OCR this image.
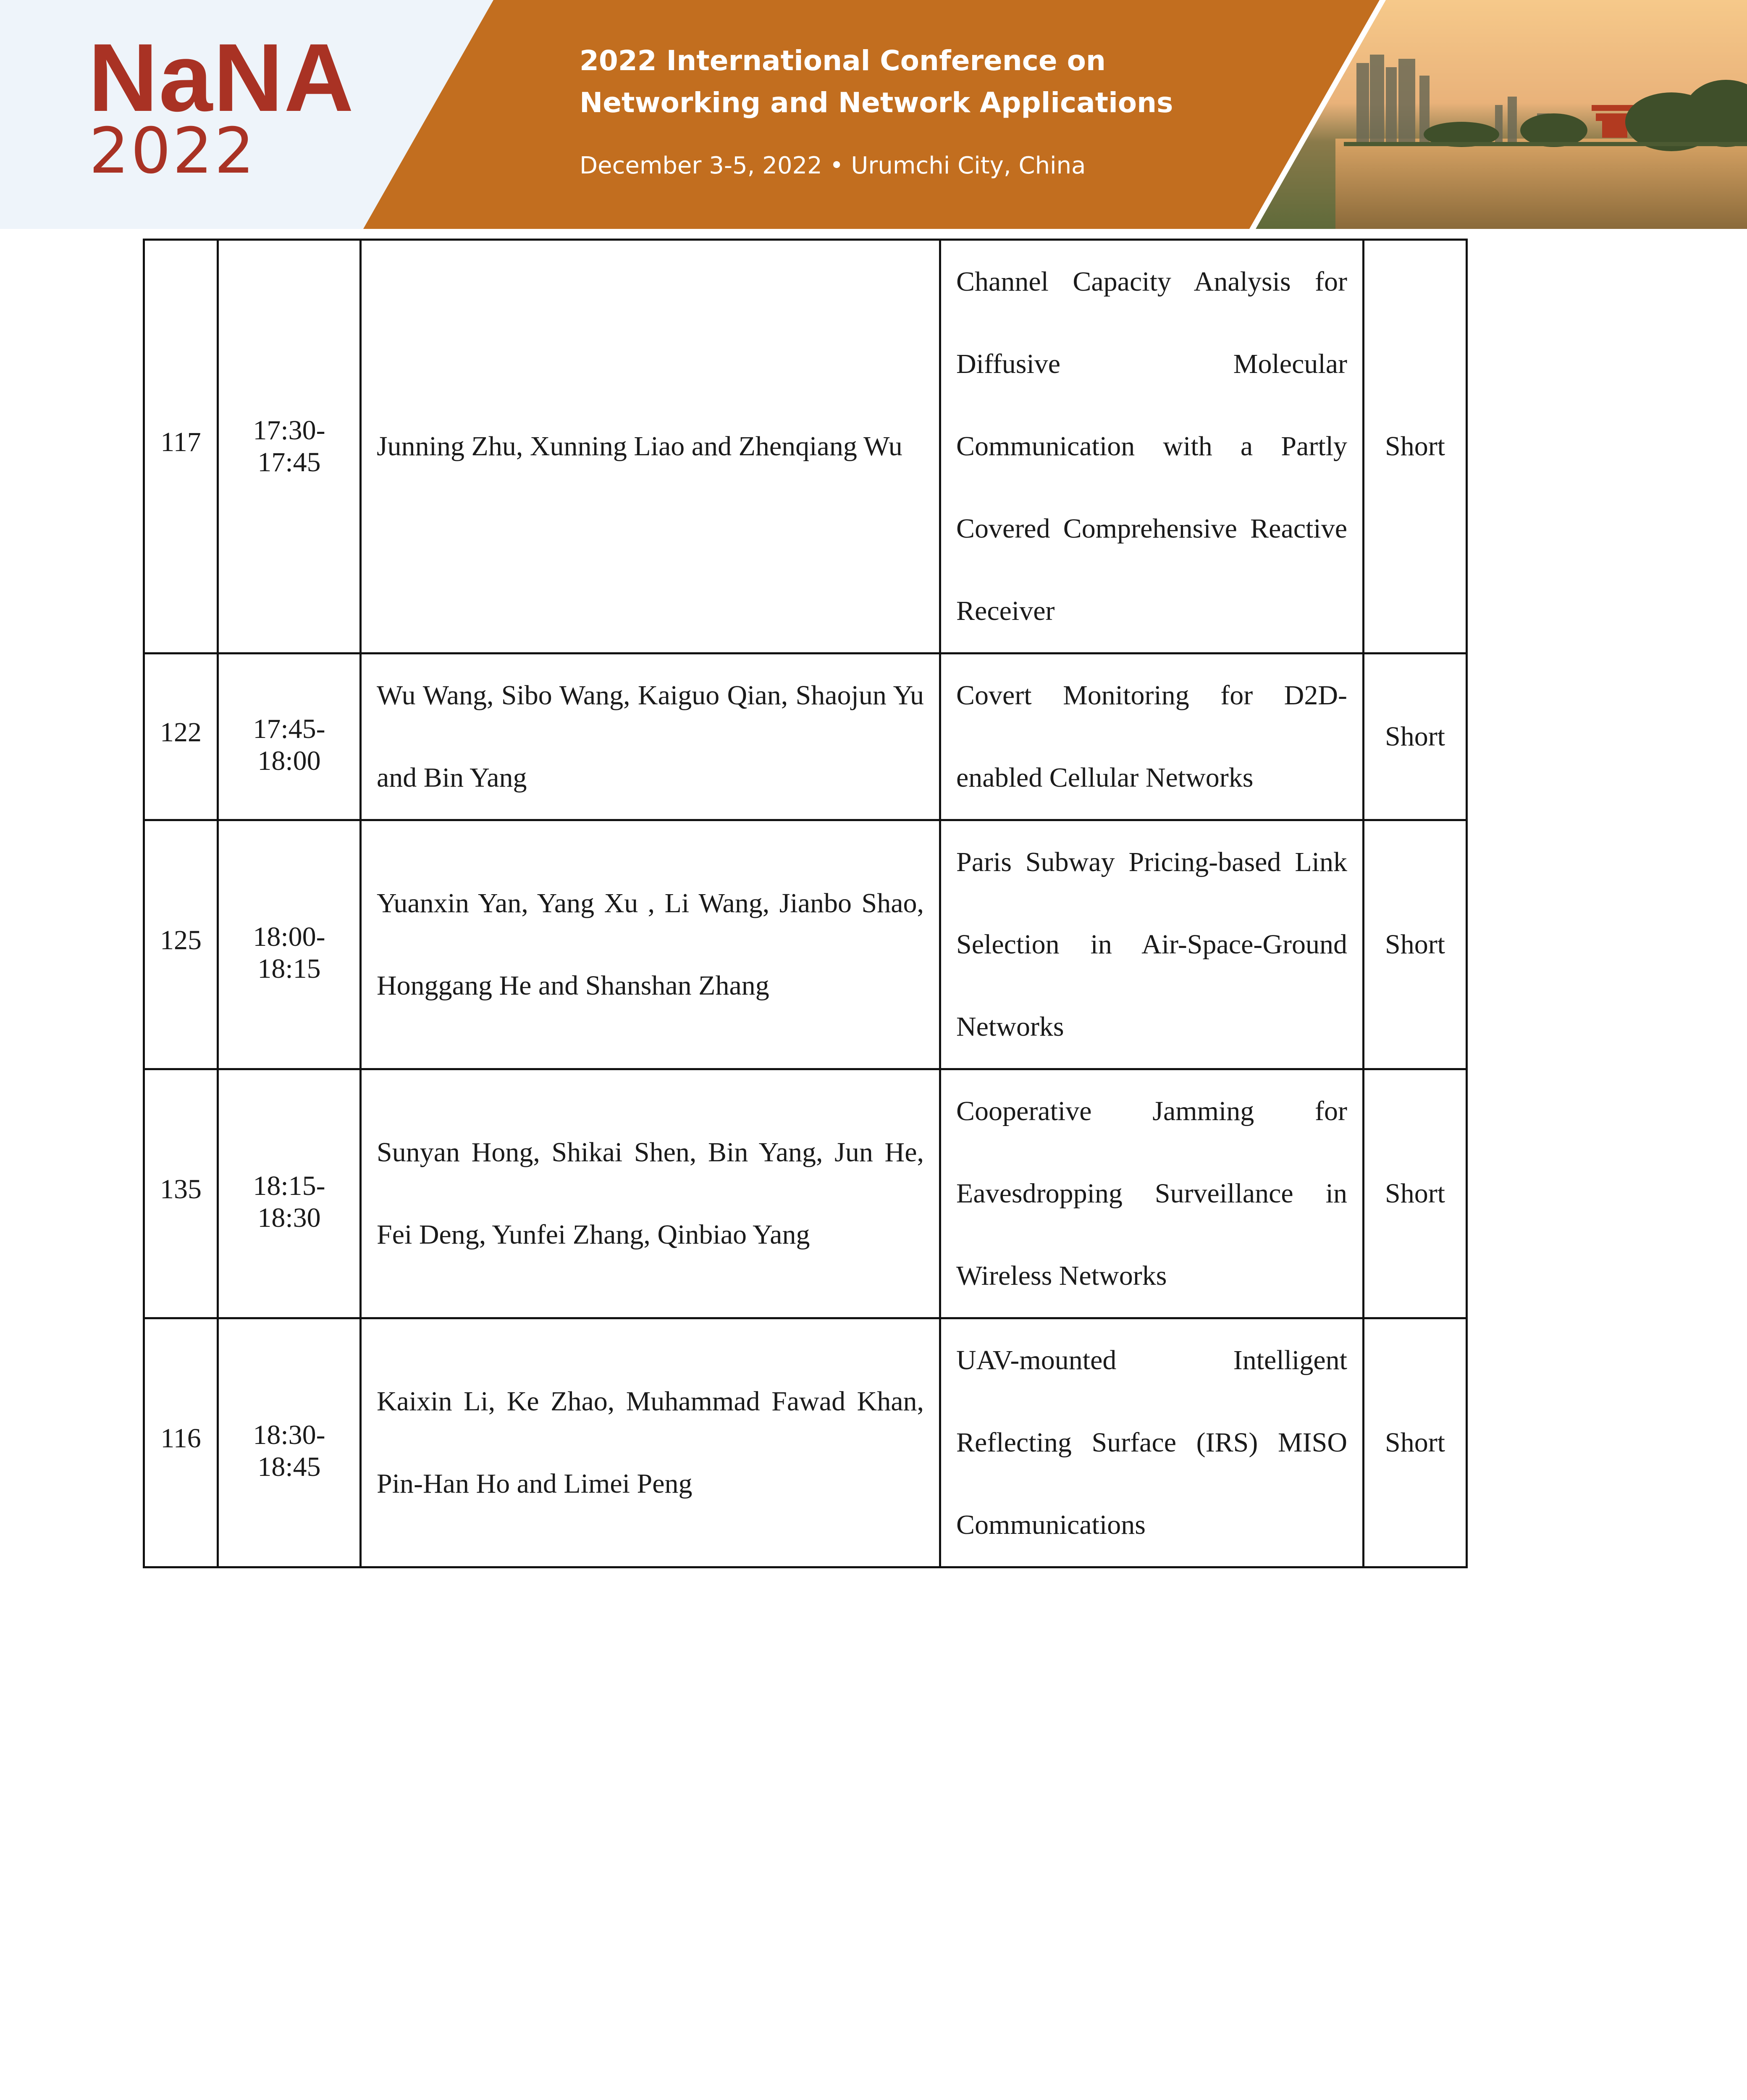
NaNA
2022
2022 International Conference on
Networking and Network Applications
December 3-5, 2022 • Urumchi City, China
117	17:30-17:45	Junning Zhu, Xunning Liao and Zhenqiang Wu	Channel Capacity Analysis for Diffusive Molecular Communication with a Partly Covered Comprehensive Reactive Receiver	Short
122	17:45-18:00	Wu Wang, Sibo Wang, Kaiguo Qian, Shaojun Yu and Bin Yang	Covert Monitoring for D2D-enabled Cellular Networks	Short
125	18:00-18:15	Yuanxin Yan, Yang Xu , Li Wang, Jianbo Shao, Honggang He and Shanshan Zhang	Paris Subway Pricing-based Link Selection in Air-Space-Ground Networks	Short
135	18:15-18:30	Sunyan Hong, Shikai Shen, Bin Yang, Jun He, Fei Deng, Yunfei Zhang, Qinbiao Yang	Cooperative Jamming for Eavesdropping Surveillance in Wireless Networks	Short
116	18:30-18:45	Kaixin Li, Ke Zhao, Muhammad Fawad Khan, Pin-Han Ho and Limei Peng	UAV-mounted Intelligent Reflecting Surface (IRS) MISO Communications	Short
